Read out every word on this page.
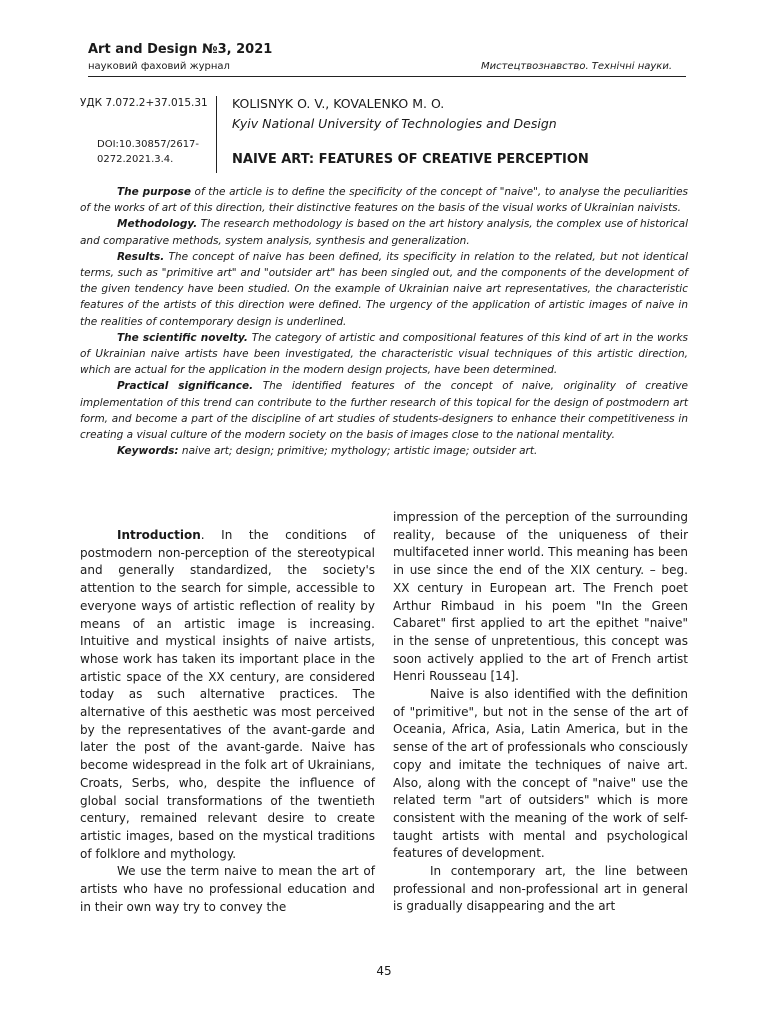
Art and Design №3, 2021
науковий фаховий журнал	Мистецтвознавство. Технічні науки.
УДК 7.072.2+37.015.31
DOI:10.30857/2617-0272.2021.3.4.
KOLISNYK O. V., KOVALENKO M. O.
Kyiv National University of Technologies and Design
NAIVE ART: FEATURES OF CREATIVE PERCEPTION

The purpose of the article is to define the specificity of the concept of "naive", to analyse the peculiarities of the works of art of this direction, their distinctive features on the basis of the visual works of Ukrainian naivists.

Methodology. The research methodology is based on the art history analysis, the complex use of historical and comparative methods, system analysis, synthesis and generalization.

Results. The concept of naive has been defined, its specificity in relation to the related, but not identical terms, such as "primitive art" and "outsider art" has been singled out, and the components of the development of the given tendency have been studied. On the example of Ukrainian naive art representatives, the characteristic features of the artists of this direction were defined. The urgency of the application of artistic images of naive in the realities of contemporary design is underlined.

The scientific novelty. The category of artistic and compositional features of this kind of art in the works of Ukrainian naive artists have been investigated, the characteristic visual techniques of this artistic direction, which are actual for the application in the modern design projects, have been determined.

Practical significance. The identified features of the concept of naive, originality of creative implementation of this trend can contribute to the further research of this topical for the design of postmodern art form, and become a part of the discipline of art studies of students-designers to enhance their competitiveness in creating a visual culture of the modern society on the basis of images close to the national mentality.

Keywords: naive art; design; primitive; mythology; artistic image; outsider art.

Introduction. In the conditions of postmodern non-perception of the stereotypical and generally standardized, the society's attention to the search for simple, accessible to everyone ways of artistic reflection of reality by means of an artistic image is increasing. Intuitive and mystical insights of naive artists, whose work has taken its important place in the artistic space of the XX century, are considered today as such alternative practices. The alternative of this aesthetic was most perceived by the representatives of the avant-garde and later the post of the avant-garde. Naive has become widespread in the folk art of Ukrainians, Croats, Serbs, who, despite the influence of global social transformations of the twentieth century, remained relevant desire to create artistic images, based on the mystical traditions of folklore and mythology.

We use the term naive to mean the art of artists who have no professional education and in their own way try to convey the

impression of the perception of the surrounding reality, because of the uniqueness of their multifaceted inner world. This meaning has been in use since the end of the XIX century. – beg. XX century in European art. The French poet Arthur Rimbaud in his poem "In the Green Cabaret" first applied to art the epithet "naive" in the sense of unpretentious, this concept was soon actively applied to the art of French artist Henri Rousseau [14].

Naive is also identified with the definition of "primitive", but not in the sense of the art of Oceania, Africa, Asia, Latin America, but in the sense of the art of professionals who consciously copy and imitate the techniques of naive art. Also, along with the concept of "naive" use the related term "art of outsiders" which is more consistent with the meaning of the work of self-taught artists with mental and psychological features of development.

In contemporary art, the line between professional and non-professional art in general is gradually disappearing and the art

45
